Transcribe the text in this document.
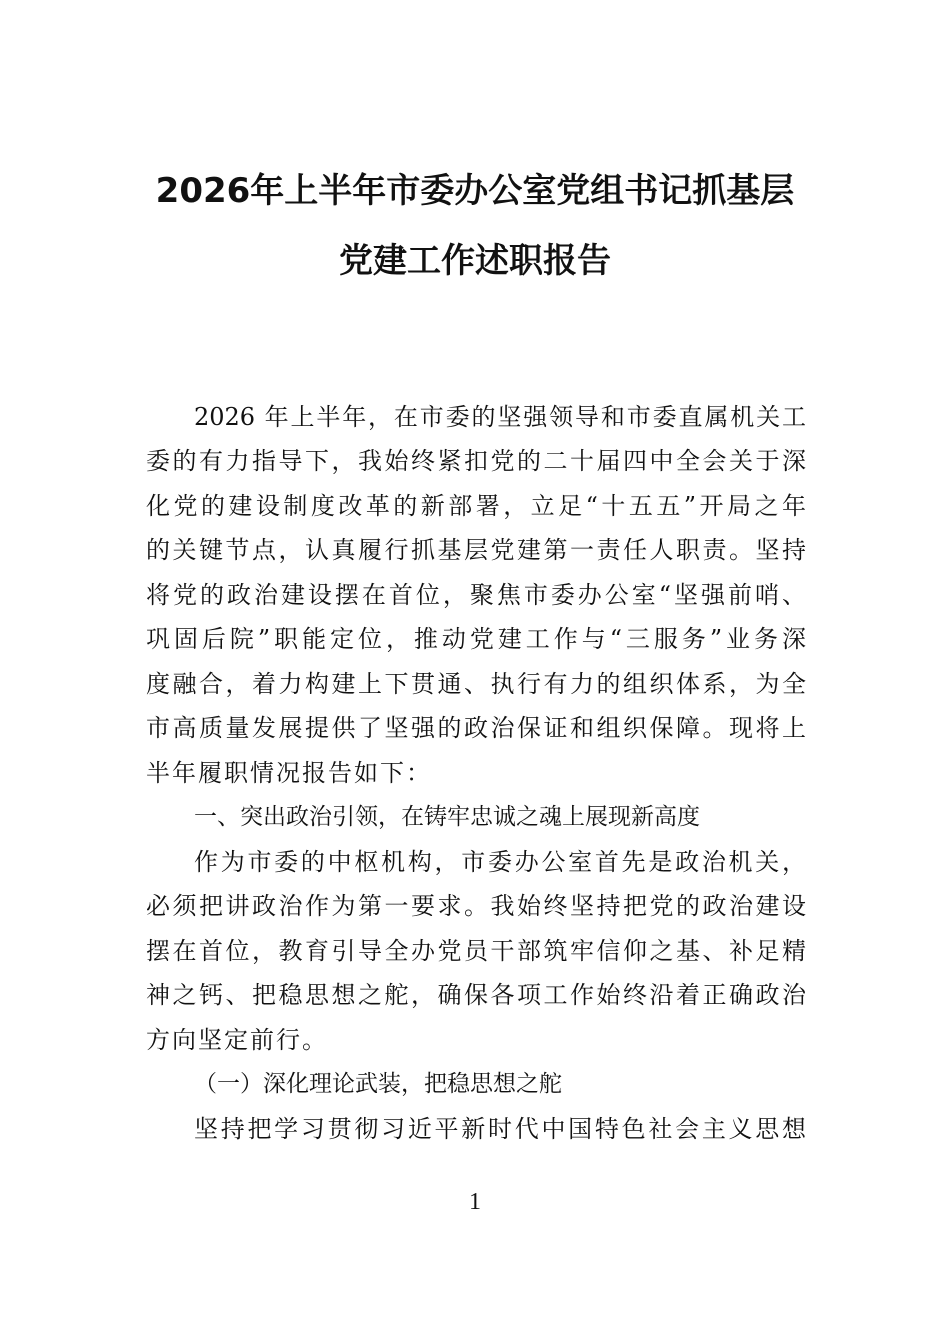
2026年上半年市委办公室党组书记抓基层
党建工作述职报告
2026 年上半年，在市委的坚强领导和市委直属机关工
委的有力指导下，我始终紧扣党的二十届四中全会关于深
化党的建设制度改革的新部署，立足“十五五”开局之年
的关键节点，认真履行抓基层党建第一责任人职责。坚持
将党的政治建设摆在首位，聚焦市委办公室“坚强前哨、
巩固后院”职能定位，推动党建工作与“三服务”业务深
度融合，着力构建上下贯通、执行有力的组织体系，为全
市高质量发展提供了坚强的政治保证和组织保障。现将上
半年履职情况报告如下：
一、突出政治引领，在铸牢忠诚之魂上展现新高度
作为市委的中枢机构，市委办公室首先是政治机关，
必须把讲政治作为第一要求。我始终坚持把党的政治建设
摆在首位，教育引导全办党员干部筑牢信仰之基、补足精
神之钙、把稳思想之舵，确保各项工作始终沿着正确政治
方向坚定前行。
（一）深化理论武装，把稳思想之舵
坚持把学习贯彻习近平新时代中国特色社会主义思想
1
